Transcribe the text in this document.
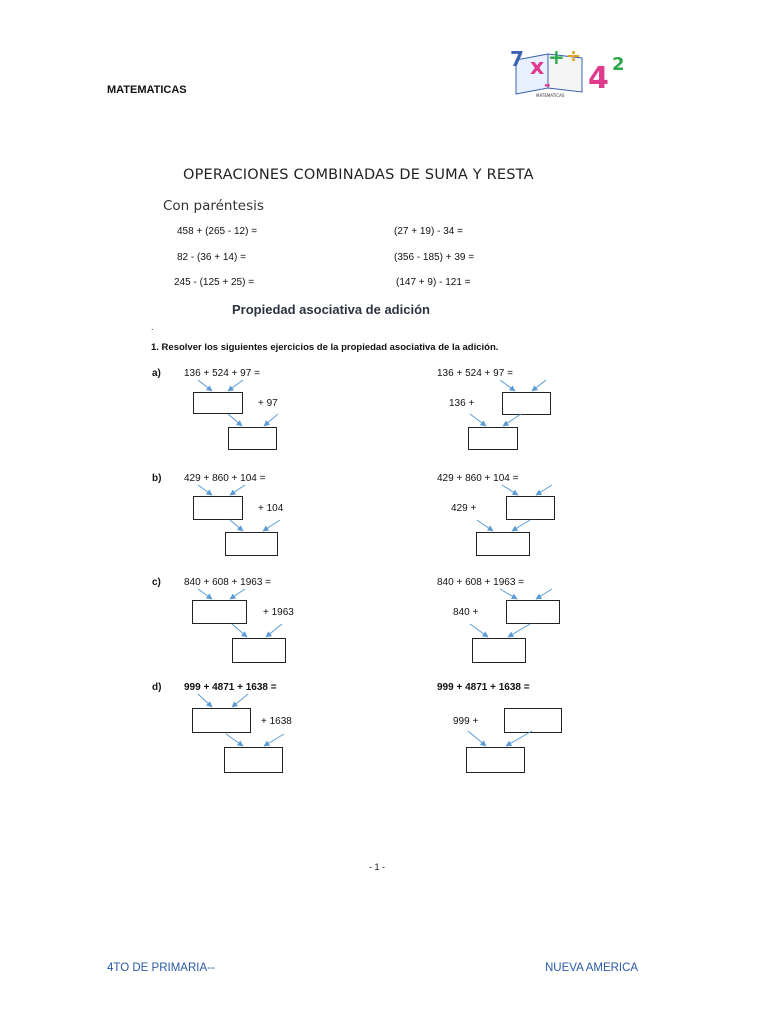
MATEMATICAS
7 x + ÷
4 2
-
MATEMATICAS
OPERACIONES COMBINADAS DE SUMA Y RESTA
Con paréntesis
458 + (265 - 12) =	(27 + 19) - 34 =
82 - (36 + 14) =	(356 - 185) + 39 =
245 - (125 + 25) =	(147 + 9) - 121 =
Propiedad asociativa de adición
.
1. Resolver los siguientes ejercicios de la propiedad asociativa de la adición.
a) 136 + 524 + 97 =	136 + 524 + 97 =
+ 97	136 +
b) 429 + 860 + 104 =	429 + 860 + 104 =
+ 104	429 +
c) 840 + 608 + 1963 =	840 + 608 + 1963 =
+ 1963	840 +
d) 999 + 4871 + 1638 =	999 + 4871 + 1638 =
+ 1638	999 +
- 1 -
4TO DE PRIMARIA--	NUEVA AMERICA
